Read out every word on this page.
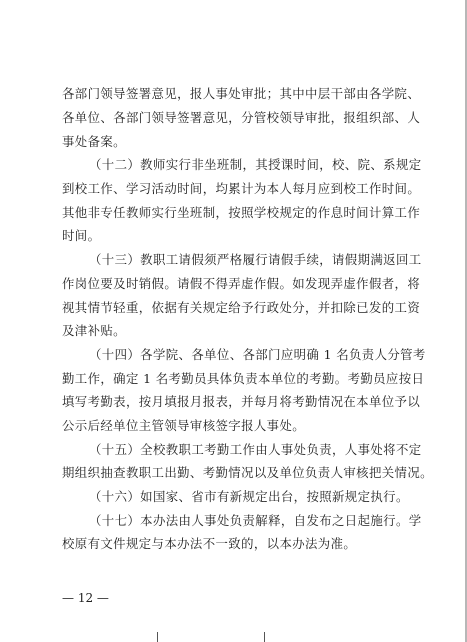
各部门领导签署意见，报人事处审批；其中中层干部由各学院、
各单位、各部门领导签署意见，分管校领导审批，报组织部、人
事处备案。
（十二）教师实行非坐班制，其授课时间，校、院、系规定
到校工作、学习活动时间，均累计为本人每月应到校工作时间。
其他非专任教师实行坐班制，按照学校规定的作息时间计算工作
时间。
（十三）教职工请假须严格履行请假手续，请假期满返回工
作岗位要及时销假。请假不得弄虚作假。如发现弄虚作假者，将
视其情节轻重，依据有关规定给予行政处分，并扣除已发的工资
及津补贴。
（十四）各学院、各单位、各部门应明确 1 名负责人分管考
勤工作，确定 1 名考勤员具体负责本单位的考勤。考勤员应按日
填写考勤表，按月填报月报表，并每月将考勤情况在本单位予以
公示后经单位主管领导审核签字报人事处。
（十五）全校教职工考勤工作由人事处负责，人事处将不定
期组织抽查教职工出勤、考勤情况以及单位负责人审核把关情况。
（十六）如国家、省市有新规定出台，按照新规定执行。
（十七）本办法由人事处负责解释，自发布之日起施行。学
校原有文件规定与本办法不一致的，以本办法为准。
— 12 —
